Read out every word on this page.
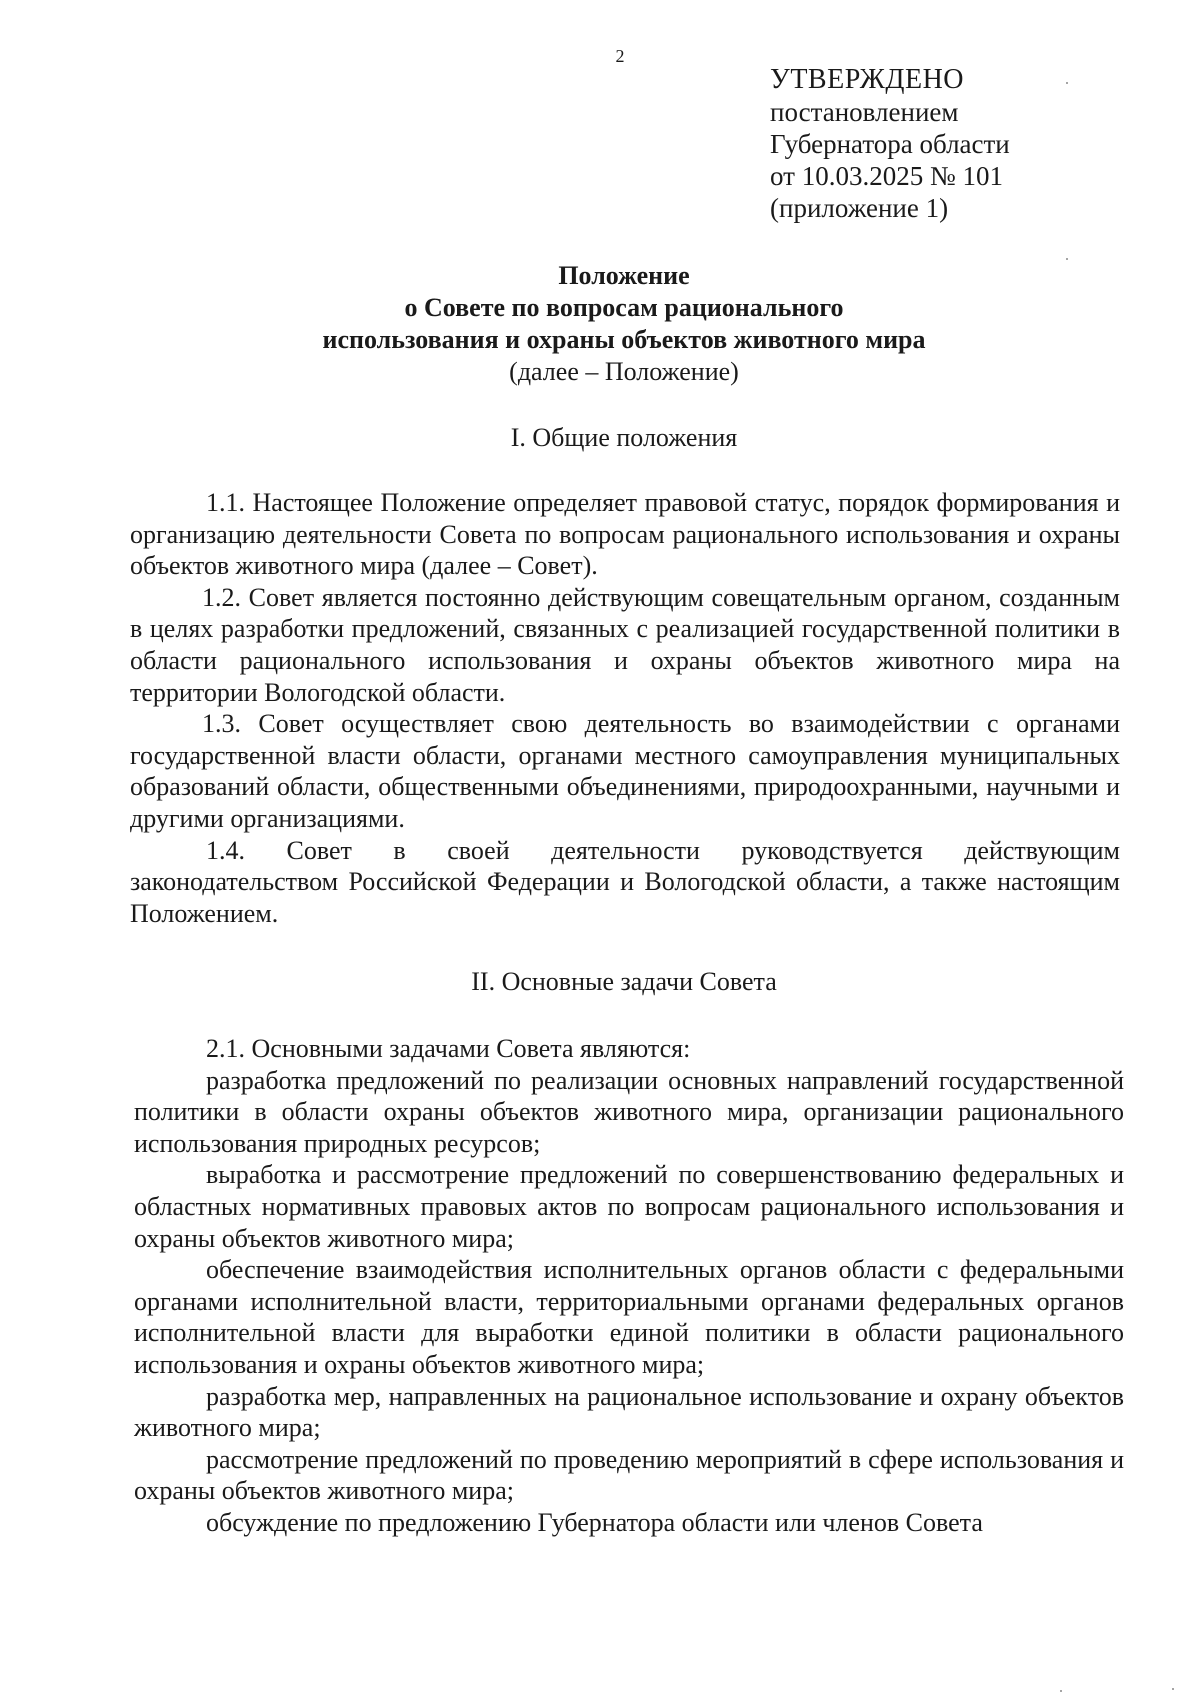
2
УТВЕРЖДЕНО
постановлением
Губернатора области
от 10.03.2025 № 101
(приложение 1)
Положение
о Совете по вопросам рационального
использования и охраны объектов животного мира
(далее – Положение)
I. Общие положения

1.1. Настоящее Положение определяет правовой статус, порядок формирования и организацию деятельности Совета по вопросам рационального использования и охраны объектов животного мира (далее – Совет).

1.2. Совет является постоянно действующим совещательным органом, созданным в целях разработки предложений, связанных с реализацией государственной политики в области рационального использования и охраны объектов животного мира на территории Вологодской области.

1.3. Совет осуществляет свою деятельность во взаимодействии с органами государственной власти области, органами местного самоуправления муниципальных образований области, общественными объединениями, природоохранными, научными и другими организациями.

1.4. Совет в своей деятельности руководствуется действующим законодательством Российской Федерации и Вологодской области, а также настоящим Положением.

II. Основные задачи Совета

2.1. Основными задачами Совета являются:

разработка предложений по реализации основных направлений государственной политики в области охраны объектов животного мира, организации рационального использования природных ресурсов;

выработка и рассмотрение предложений по совершенствованию федеральных и областных нормативных правовых актов по вопросам рационального использования и охраны объектов животного мира;

обеспечение взаимодействия исполнительных органов области с федеральными органами исполнительной власти, территориальными органами федеральных органов исполнительной власти для выработки единой политики в области рационального использования и охраны объектов животного мира;

разработка мер, направленных на рациональное использование и охрану объектов животного мира;

рассмотрение предложений по проведению мероприятий в сфере использования и охраны объектов животного мира;

обсуждение по предложению Губернатора области или членов Совета
